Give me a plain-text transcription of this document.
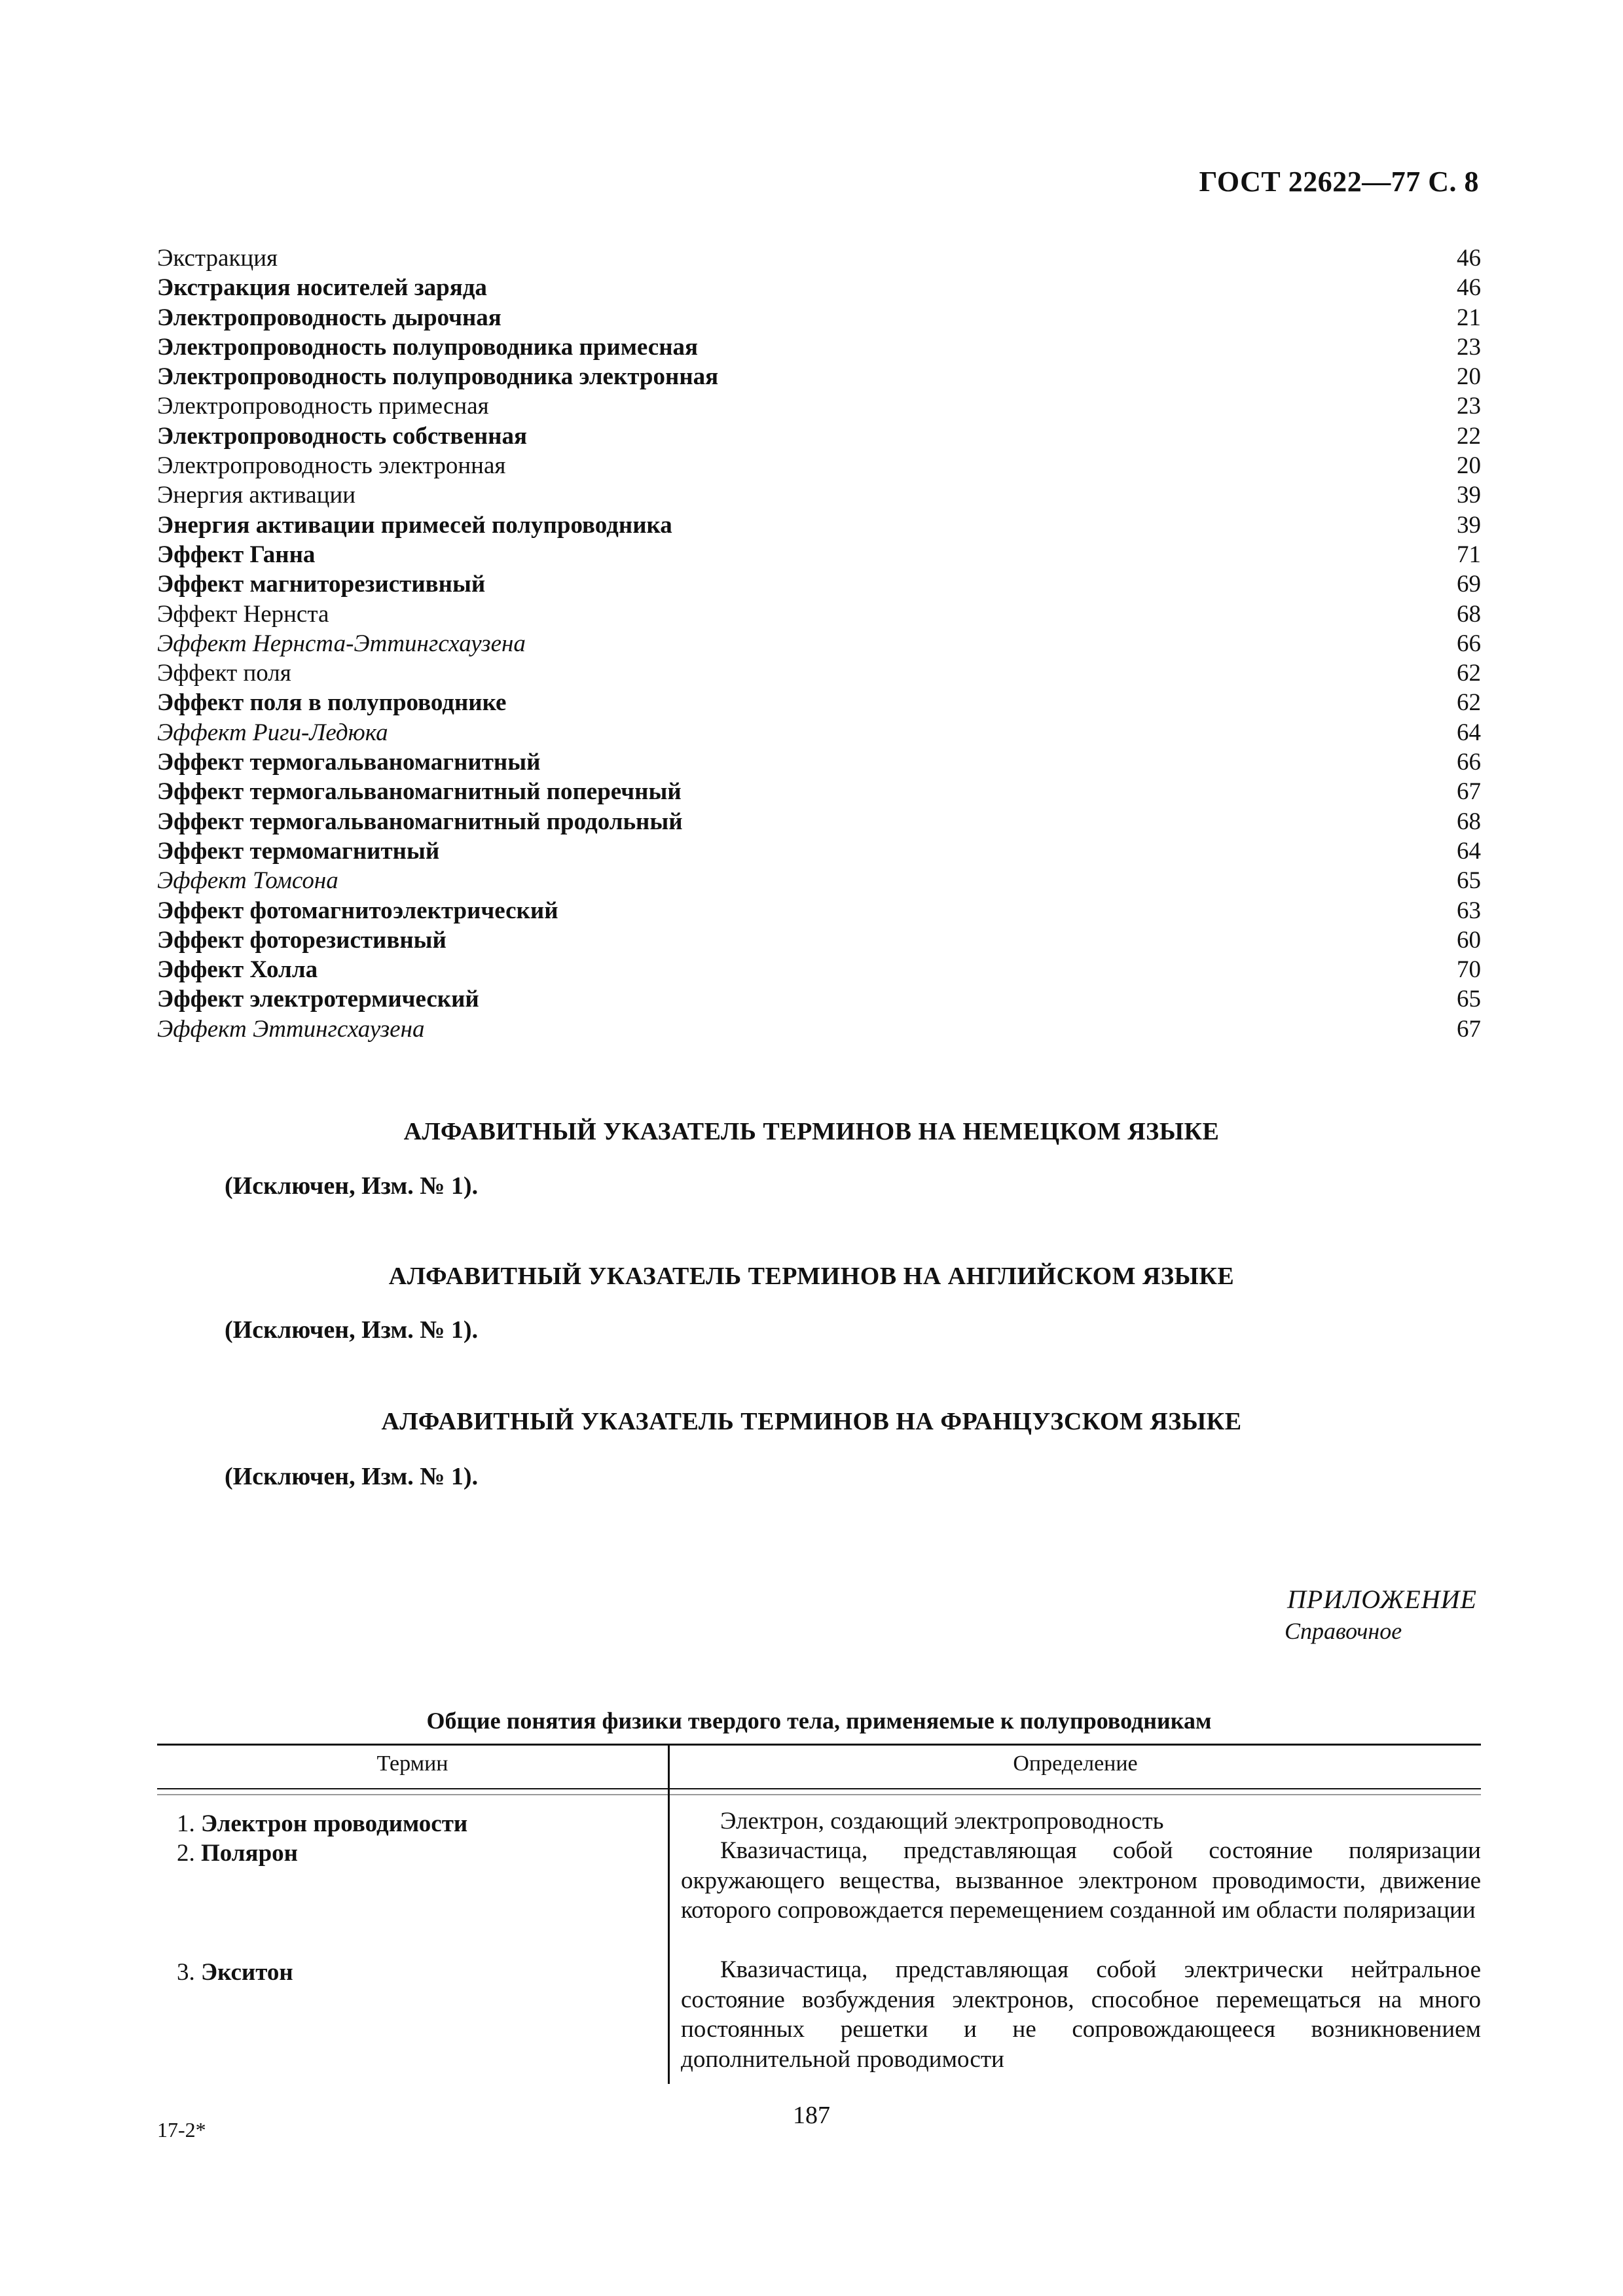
ГОСТ 22622—77 С. 8
Экстракция	46
Экстракция носителей заряда	46
Электропроводность дырочная	21
Электропроводность полупроводника примесная	23
Электропроводность полупроводника электронная	20
Электропроводность примесная	23
Электропроводность собственная	22
Электропроводность электронная	20
Энергия активации	39
Энергия активации примесей полупроводника	39
Эффект Ганна	71
Эффект магниторезистивный	69
Эффект Нернста	68
Эффект Нернста-Эттингсхаузена	66
Эффект поля	62
Эффект поля в полупроводнике	62
Эффект Риги-Ледюка	64
Эффект термогальваномагнитный	66
Эффект термогальваномагнитный поперечный	67
Эффект термогальваномагнитный продольный	68
Эффект термомагнитный	64
Эффект Томсона	65
Эффект фотомагнитоэлектрический	63
Эффект фоторезистивный	60
Эффект Холла	70
Эффект электротермический	65
Эффект Эттингсхаузена	67
АЛФАВИТНЫЙ УКАЗАТЕЛЬ ТЕРМИНОВ НА НЕМЕЦКОМ ЯЗЫКЕ
(Исключен, Изм. № 1).
АЛФАВИТНЫЙ УКАЗАТЕЛЬ ТЕРМИНОВ НА АНГЛИЙСКОМ ЯЗЫКЕ
(Исключен, Изм. № 1).
АЛФАВИТНЫЙ УКАЗАТЕЛЬ ТЕРМИНОВ НА ФРАНЦУЗСКОМ ЯЗЫКЕ
(Исключен, Изм. № 1).
ПРИЛОЖЕНИЕ
Справочное
Общие понятия физики твердого тела, применяемые к полупроводникам
Термин	Определение
1. Электрон проводимости	Электрон, создающий электропроводность
2. Полярон	Квазичастица, представляющая собой состояние поляризации окружающего вещества, вызванное электроном проводимости, движение которого сопровождается перемещением созданной им области поляризации
3. Экситон	Квазичастица, представляющая собой электрически нейтральное состояние возбуждения электронов, способное перемещаться на много постоянных решетки и не сопровождающееся возникновением дополнительной проводимости
17-2*
187
